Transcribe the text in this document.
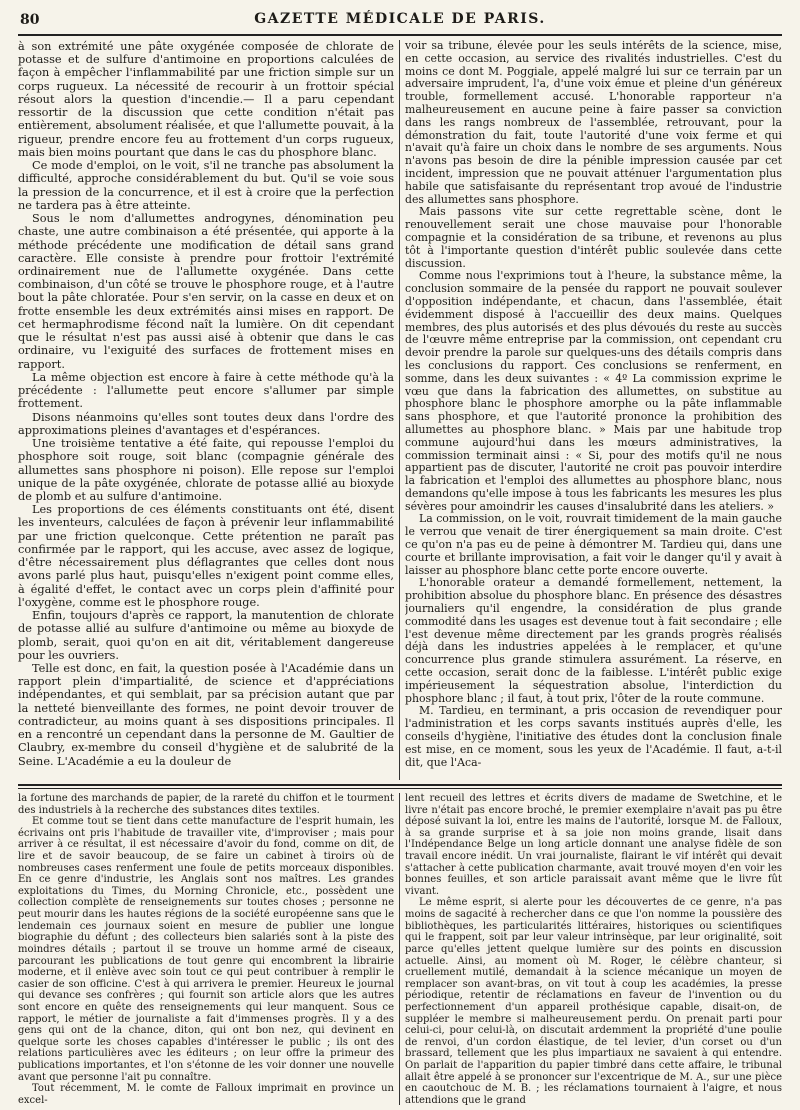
80	GAZETTE MÉDICALE DE PARIS.

à son extrémité une pâte oxygénée composée de chlorate de potasse et de sulfure d'antimoine en proportions calculées de façon à empêcher l'inflammabilité par une friction simple sur un corps rugueux. La nécessité de recourir à un frottoir spécial résout alors la question d'incendie.— Il a paru cependant ressortir de la discussion que cette condition n'était pas entièrement, absolument réalisée, et que l'allumette pouvait, à la rigueur, prendre encore feu au frottement d'un corps rugueux, mais bien moins pourtant que dans le cas du phosphore blanc.

Ce mode d'emploi, on le voit, s'il ne tranche pas absolument la difficulté, approche considérablement du but. Qu'il se voie sous la pression de la concurrence, et il est à croire que la perfection ne tardera pas à être atteinte.

Sous le nom d'allumettes androgynes, dénomination peu chaste, une autre combinaison a été présentée, qui apporte à la méthode précédente une modification de détail sans grand caractère. Elle consiste à prendre pour frottoir l'extrémité ordinairement nue de l'allumette oxygénée. Dans cette combinaison, d'un côté se trouve le phosphore rouge, et à l'autre bout la pâte chloratée. Pour s'en servir, on la casse en deux et on frotte ensemble les deux extrémités ainsi mises en rapport. De cet hermaphrodisme fécond naît la lumière. On dit cependant que le résultat n'est pas aussi aisé à obtenir que dans le cas ordinaire, vu l'exiguité des surfaces de frottement mises en rapport.

La même objection est encore à faire à cette méthode qu'à la précédente : l'allumette peut encore s'allumer par simple frottement.

Disons néanmoins qu'elles sont toutes deux dans l'ordre des approximations pleines d'avantages et d'espérances.

Une troisième tentative a été faite, qui repousse l'emploi du phosphore soit rouge, soit blanc (compagnie générale des allumettes sans phosphore ni poison). Elle repose sur l'emploi unique de la pâte oxygénée, chlorate de potasse allié au bioxyde de plomb et au sulfure d'antimoine.

Les proportions de ces éléments constituants ont été, disent les inventeurs, calculées de façon à prévenir leur inflammabilité par une friction quelconque. Cette prétention ne paraît pas confirmée par le rapport, qui les accuse, avec assez de logique, d'être nécessairement plus déflagrantes que celles dont nous avons parlé plus haut, puisqu'elles n'exigent point comme elles, à égalité d'effet, le contact avec un corps plein d'affinité pour l'oxygène, comme est le phosphore rouge.

Enfin, toujours d'après ce rapport, la manutention de chlorate de potasse allié au sulfure d'antimoine ou même au bioxyde de plomb, serait, quoi qu'on en ait dit, véritablement dangereuse pour les ouvriers.

Telle est donc, en fait, la question posée à l'Académie dans un rapport plein d'impartialité, de science et d'appréciations indépendantes, et qui semblait, par sa précision autant que par la netteté bienveillante des formes, ne point devoir trouver de contradicteur, au moins quant à ses dispositions principales. Il en a rencontré un cependant dans la personne de M. Gaultier de Claubry, ex-membre du conseil d'hygiène et de salubrité de la Seine. L'Académie a eu la douleur de

voir sa tribune, élevée pour les seuls intérêts de la science, mise, en cette occasion, au service des rivalités industrielles. C'est du moins ce dont M. Poggiale, appelé malgré lui sur ce terrain par un adversaire imprudent, l'a, d'une voix émue et pleine d'un généreux trouble, formellement accusé. L'honorable rapporteur n'a malheureusement en aucune peine à faire passer sa conviction dans les rangs nombreux de l'assemblée, retrouvant, pour la démonstration du fait, toute l'autorité d'une voix ferme et qui n'avait qu'à faire un choix dans le nombre de ses arguments. Nous n'avons pas besoin de dire la pénible impression causée par cet incident, impression que ne pouvait atténuer l'argumentation plus habile que satisfaisante du représentant trop avoué de l'industrie des allumettes sans phosphore.

Mais passons vite sur cette regrettable scène, dont le renouvellement serait une chose mauvaise pour l'honorable compagnie et la considération de sa tribune, et revenons au plus tôt à l'importante question d'intérêt public soulevée dans cette discussion.

Comme nous l'exprimions tout à l'heure, la substance même, la conclusion sommaire de la pensée du rapport ne pouvait soulever d'opposition indépendante, et chacun, dans l'assemblée, était évidemment disposé à l'accueillir des deux mains. Quelques membres, des plus autorisés et des plus dévoués du reste au succès de l'œuvre même entreprise par la commission, ont cependant cru devoir prendre la parole sur quelques-uns des détails compris dans les conclusions du rapport. Ces conclusions se renferment, en somme, dans les deux suivantes : « 4º La commission exprime le vœu que dans la fabrication des allumettes, on substitue au phosphore blanc le phosphore amorphe ou la pâte inflammable sans phosphore, et que l'autorité prononce la prohibition des allumettes au phosphore blanc. » Mais par une habitude trop commune aujourd'hui dans les mœurs administratives, la commission terminait ainsi : « Si, pour des motifs qu'il ne nous appartient pas de discuter, l'autorité ne croit pas pouvoir interdire la fabrication et l'emploi des allumettes au phosphore blanc, nous demandons qu'elle impose à tous les fabricants les mesures les plus sévères pour amoindrir les causes d'insalubrité dans les ateliers. »

La commission, on le voit, rouvrait timidement de la main gauche le verrou que venait de tirer énergiquement sa main droite. C'est ce qu'on n'a pas eu de peine à démontrer M. Tardieu qui, dans une courte et brillante improvisation, a fait voir le danger qu'il y avait à laisser au phosphore blanc cette porte encore ouverte.

L'honorable orateur a demandé formellement, nettement, la prohibition absolue du phosphore blanc. En présence des désastres journaliers qu'il engendre, la considération de plus grande commodité dans les usages est devenue tout à fait secondaire ; elle l'est devenue même directement par les grands progrès réalisés déjà dans les industries appelées à le remplacer, et qu'une concurrence plus grande stimulera assurément. La réserve, en cette occasion, serait donc de la faiblesse. L'intérêt public exige impérieusement la séquestration absolue, l'interdiction du phosphore blanc ; il faut, à tout prix, l'ôter de la route commune.

M. Tardieu, en terminant, a pris occasion de revendiquer pour l'administration et les corps savants institués auprès d'elle, les conseils d'hygiène, l'initiative des études dont la conclusion finale est mise, en ce moment, sous les yeux de l'Académie. Il faut, a-t-il dit, que l'Aca-

la fortune des marchands de papier, de la rareté du chiffon et le tourment des industriels à la recherche des substances dites textiles.

Et comme tout se tient dans cette manufacture de l'esprit humain, les écrivains ont pris l'habitude de travailler vite, d'improviser ; mais pour arriver à ce résultat, il est nécessaire d'avoir du fond, comme on dit, de lire et de savoir beaucoup, de se faire un cabinet à tiroirs où de nombreuses cases renferment une foule de petits morceaux disponibles. En ce genre d'industrie, les Anglais sont nos maîtres. Les grandes exploitations du Times, du Morning Chronicle, etc., possèdent une collection complète de renseignements sur toutes choses ; personne ne peut mourir dans les hautes régions de la société européenne sans que le lendemain ces journaux soient en mesure de publier une longue biographie du défunt ; des collecteurs bien salariés sont à la piste des moindres détails ; partout il se trouve un homme armé de ciseaux, parcourant les publications de tout genre qui encombrent la librairie moderne, et il enlève avec soin tout ce qui peut contribuer à remplir le casier de son officine. C'est à qui arrivera le premier. Heureux le journal qui devance ses confrères ; qui fournit son article alors que les autres sont encore en quête des renseignements qui leur manquent. Sous ce rapport, le métier de journaliste a fait d'immenses progrès. Il y a des gens qui ont de la chance, diton, qui ont bon nez, qui devinent en quelque sorte les choses capables d'intéresser le public ; ils ont des relations particulières avec les éditeurs ; on leur offre la primeur des publications importantes, et l'on s'étonne de les voir donner une nouvelle avant que personne l'ait pu connaître.

Tout récemment, M. le comte de Falloux imprimait en province un excel-

lent recueil des lettres et écrits divers de madame de Swetchine, et le livre n'était pas encore broché, le premier exemplaire n'avait pas pu être déposé suivant la loi, entre les mains de l'autorité, lorsque M. de Falloux, à sa grande surprise et à sa joie non moins grande, lisait dans l'Indépendance Belge un long article donnant une analyse fidèle de son travail encore inédit. Un vrai journaliste, flairant le vif intérêt qui devait s'attacher à cette publication charmante, avait trouvé moyen d'en voir les bonnes feuilles, et son article paraissait avant même que le livre fût vivant.

Le même esprit, si alerte pour les découvertes de ce genre, n'a pas moins de sagacité à rechercher dans ce que l'on nomme la poussière des bibliothèques, les particularités littéraires, historiques ou scientifiques qui le frappent, soit par leur valeur intrinsèque, par leur originalité, soit parce qu'elles jettent quelque lumière sur des points en discussion actuelle. Ainsi, au moment où M. Roger, le célèbre chanteur, si cruellement mutilé, demandait à la science mécanique un moyen de remplacer son avant-bras, on vit tout à coup les académies, la presse périodique, retentir de réclamations en faveur de l'invention ou du perfectionnement d'un appareil prothésique capable, disait-on, de suppléer le membre si malheureusement perdu. On prenait parti pour celui-ci, pour celui-là, on discutait ardemment la propriété d'une poulie de renvoi, d'un cordon élastique, de tel levier, d'un corset ou d'un brassard, tellement que les plus impartiaux ne savaient à qui entendre. On parlait de l'apparition du papier timbré dans cette affaire, le tribunal allait être appelé à se prononcer sur l'excentrique de M. A., sur une pièce en caoutchouc de M. B. ; les réclamations tournaient à l'aigre, et nous attendions que le grand
